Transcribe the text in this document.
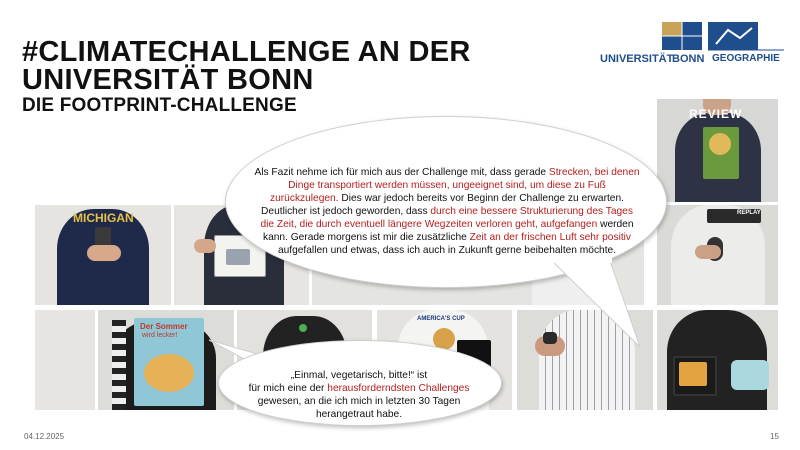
#CLIMATECHALLENGE AN DER
UNIVERSITÄT BONN
DIE FOOTPRINT-CHALLENGE
UNIVERSITÄT
BONN GEOGRAPHIE
REVIEW
MICHIGAN	REPLAY
Der Sommer
wird lecker!
AMERICA'S CUP
Als Fazit nehme ich für mich aus der Challenge mit, dass gerade Strecken, bei denen Dinge transportiert werden müssen, ungeeignet sind, um diese zu Fuß zurückzulegen. Dies war jedoch bereits vor Beginn der Challenge zu erwarten. Deutlicher ist jedoch geworden, dass durch eine bessere Strukturierung des Tages die Zeit, die durch eventuell längere Wegzeiten verloren geht, aufgefangen werden kann. Gerade morgens ist mir die zusätzliche Zeit an der frischen Luft sehr positiv aufgefallen und etwas, dass ich auch in Zukunft gerne beibehalten möchte.
„Einmal, vegetarisch, bitte!“ ist
für mich eine der herausforderndsten Challenges gewesen, an die ich mich in letzten 30 Tagen herangetraut habe.
04.12.2025	15
